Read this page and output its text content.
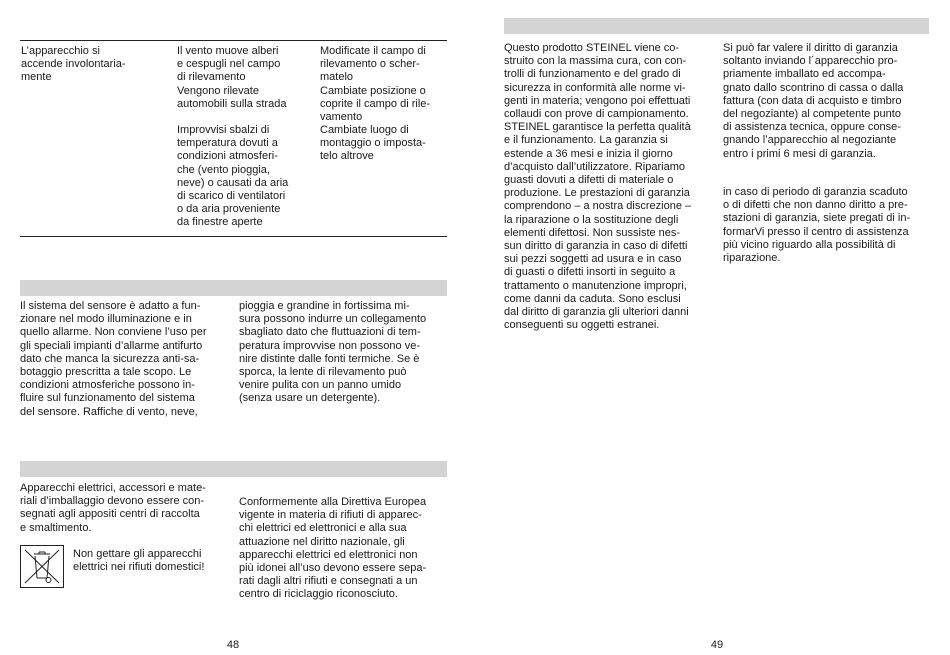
L’apparecchio si
accende involontaria-
mente
Il vento muove alberi
e cespugli nel campo
di rilevamento
Vengono rilevate
automobili sulla strada
Improvvisi sbalzi di
temperatura dovuti a
condizioni atmosferi-
che (vento pioggia,
neve) o causati da aria
di scarico di ventilatori
o da aria proveniente
da finestre aperte
Modificate il campo di
rilevamento o scher-
matelo
Cambiate posizione o
coprite il campo di rile-
vamento
Cambiate luogo di
montaggio o imposta-
telo altrove
Il sistema del sensore è adatto a fun-
zionare nel modo illuminazione e in
quello allarme. Non conviene l’uso per
gli speciali impianti d’allarme antifurto
dato che manca la sicurezza anti-sa-
botaggio prescritta a tale scopo. Le
condizioni atmosferiche possono in-
fluire sul funzionamento del sistema
del sensore. Raffiche di vento, neve,
pioggia e grandine in fortissima mi-
sura possono indurre un collegamento
sbagliato dato che fluttuazioni di tem-
peratura improvvise non possono ve-
nire distinte dalle fonti termiche. Se è
sporca, la lente di rilevamento può
venire pulita con un panno umido
(senza usare un detergente).
Apparecchi elettrici, accessori e mate-
riali d’imballaggio devono essere con-
segnati agli appositi centri di raccolta
e smaltimento.
Non gettare gli apparecchi
elettrici nei rifiuti domestici!
Conformemente alla Direttiva Europea
vigente in materia di rifiuti di apparec-
chi elettrici ed elettronici e alla sua
attuazione nel diritto nazionale, gli
apparecchi elettrici ed elettronici non
più idonei all’uso devono essere sepa-
rati dagli altri rifiuti e consegnati a un
centro di riciclaggio riconosciuto.
48
Questo prodotto STEINEL viene co-
struito con la massima cura, con con-
trolli di funzionamento e del grado di
sicurezza in conformità alle norme vi-
genti in materia; vengono poi effettuati
collaudi con prove di campionamento.
STEINEL garantisce la perfetta qualità
e il funzionamento. La garanzia si
estende a 36 mesi e inizia il giorno
d’acquisto dall’utilizzatore. Ripariamo
guasti dovuti a difetti di materiale o
produzione. Le prestazioni di garanzia
comprendono – a nostra discrezione –
la riparazione o la sostituzione degli
elementi difettosi. Non sussiste nes-
sun diritto di garanzia in caso di difetti
sui pezzi soggetti ad usura e in caso
di guasti o difetti insorti in seguito a
trattamento o manutenzione impropri,
come danni da caduta. Sono esclusi
dal diritto di garanzia gli ulteriori danni
conseguenti su oggetti estranei.
Si può far valere il diritto di garanzia
soltanto inviando l´apparecchio pro-
priamente imballato ed accompa-
gnato dallo scontrino di cassa o dalla
fattura (con data di acquisto e timbro
del negoziante) al competente punto
di assistenza tecnica, oppure conse-
gnando l’apparecchio al negoziante
entro i primi 6 mesi di garanzia.
in caso di periodo di garanzia scaduto
o di difetti che non danno diritto a pre-
stazioni di garanzia, siete pregati di in-
formarVi presso il centro di assistenza
più vicino riguardo alla possibilità di
riparazione.
49
